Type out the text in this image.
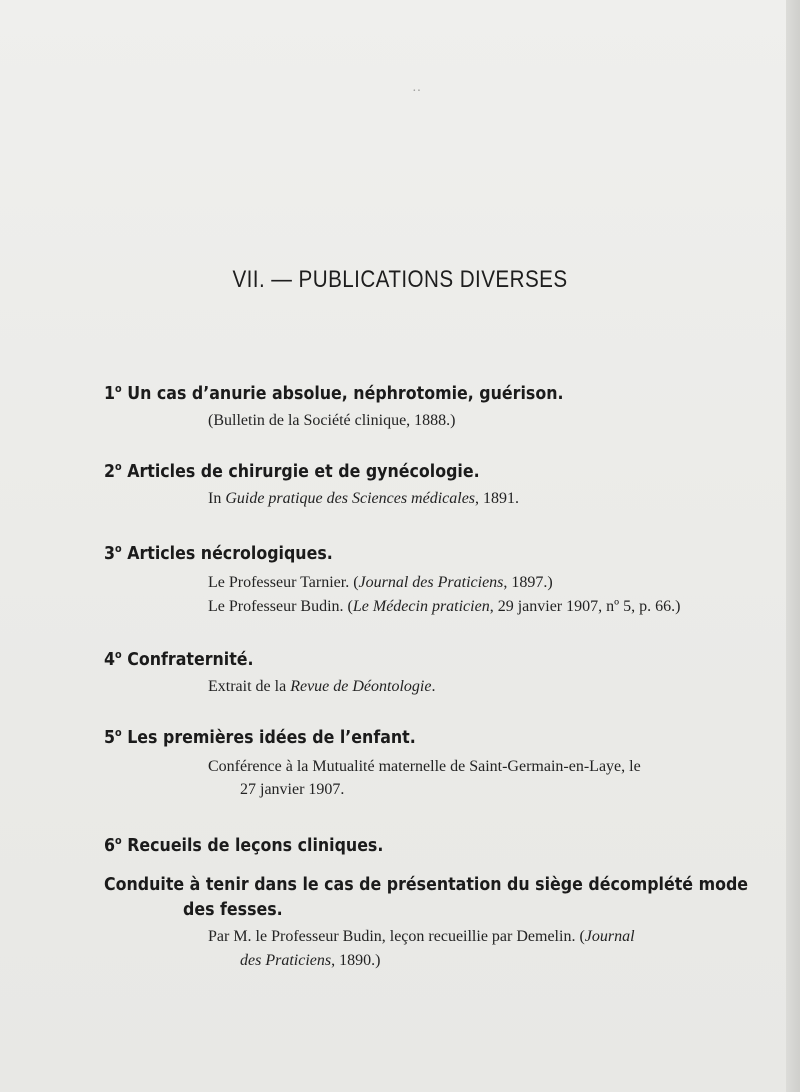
··
VII. — PUBLICATIONS DIVERSES
1$^o$ Un cas d’anurie absolue, néphrotomie, guérison.
(Bulletin de la Société clinique, 1888.)
2$^o$ Articles de chirurgie et de gynécologie.
In Guide pratique des Sciences médicales, 1891.
3$^o$ Articles nécrologiques.
Le Professeur Tarnier. (Journal des Praticiens, 1897.)
Le Professeur Budin. (Le Médecin praticien, 29 janvier 1907, nº 5, p. 66.)
4$^o$ Confraternité.
Extrait de la Revue de Déontologie.
5$^o$ Les premières idées de l’enfant.
Conférence à la Mutualité maternelle de Saint-Germain-en-Laye, le
27 janvier 1907.
6$^o$ Recueils de leçons cliniques.
Conduite à tenir dans le cas de présentation du siège décomplété mode
des fesses.
Par M. le Professeur Budin, leçon recueillie par Demelin. (Journal
des Praticiens, 1890.)
